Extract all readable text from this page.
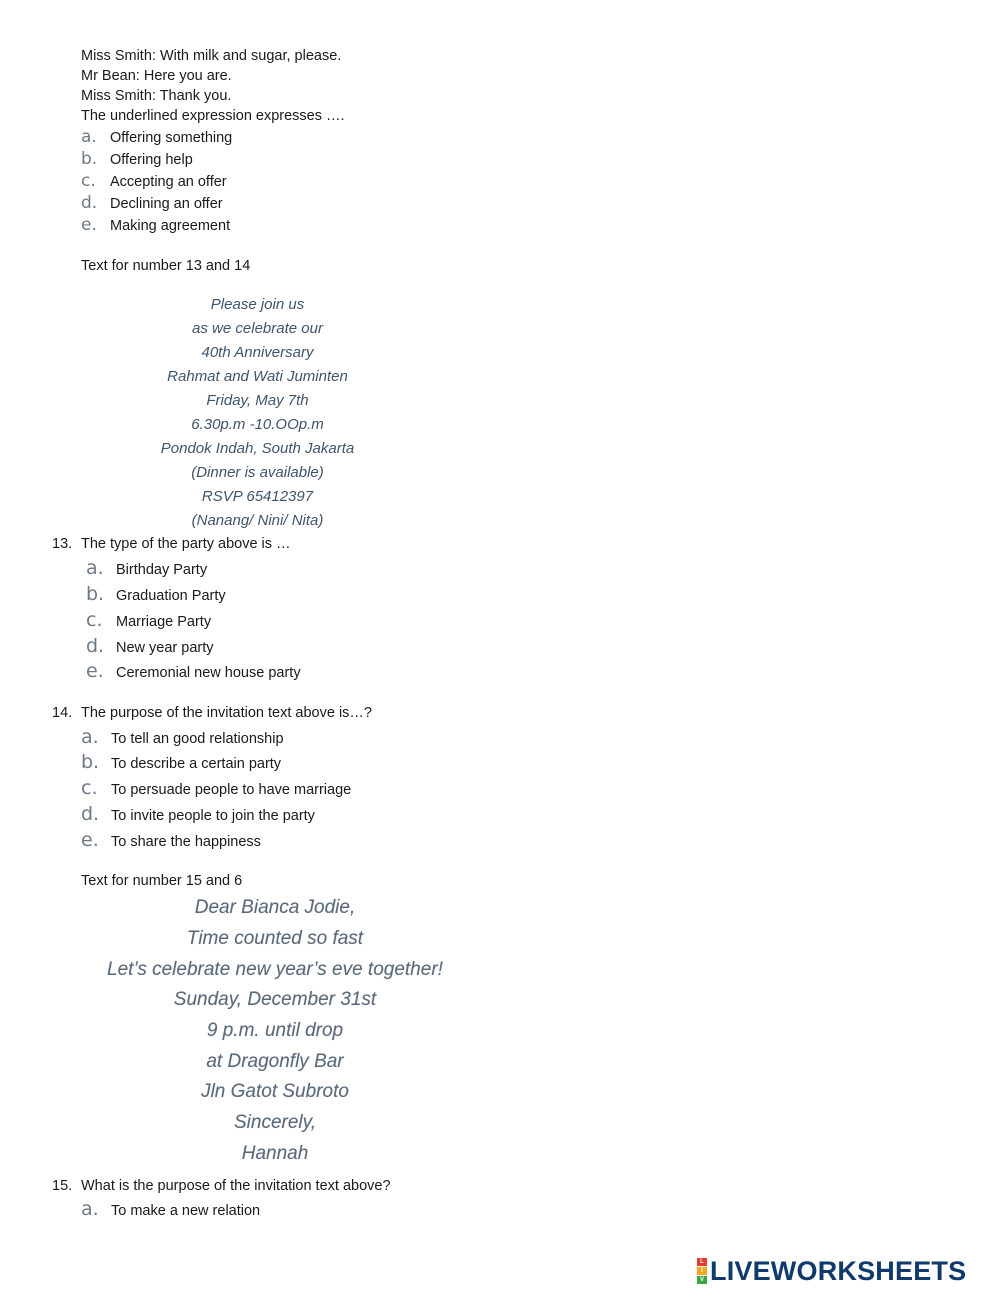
Miss Smith: With milk and sugar, please.
Mr Bean: Here you are.
Miss Smith: Thank you.
The underlined expression expresses ….
a. Offering something
b. Offering help
c. Accepting an offer
d. Declining an offer
e. Making agreement
Text for number 13 and 14
Please join us
as we celebrate our
40th Anniversary
Rahmat and Wati Juminten
Friday, May 7th
6.30p.m -10.OOp.m
Pondok Indah, South Jakarta
(Dinner is available)
RSVP 65412397
(Nanang/ Nini/ Nita)
13. The type of the party above is …
a. Birthday Party
b. Graduation Party
c. Marriage Party
d. New year party
e. Ceremonial new house party
14. The purpose of the invitation text above is…?
a. To tell an good relationship
b. To describe a certain party
c. To persuade people to have marriage
d. To invite people to join the party
e. To share the happiness
Text for number 15 and 6
Dear Bianca Jodie,
Time counted so fast
Let’s celebrate new year’s eve together!
Sunday, December 31st
9 p.m. until drop
at Dragonfly Bar
Jln Gatot Subroto
Sincerely,
Hannah
15. What is the purpose of the invitation text above?
a. To make a new relation
L
I
V LIVEWORKSHEETS
